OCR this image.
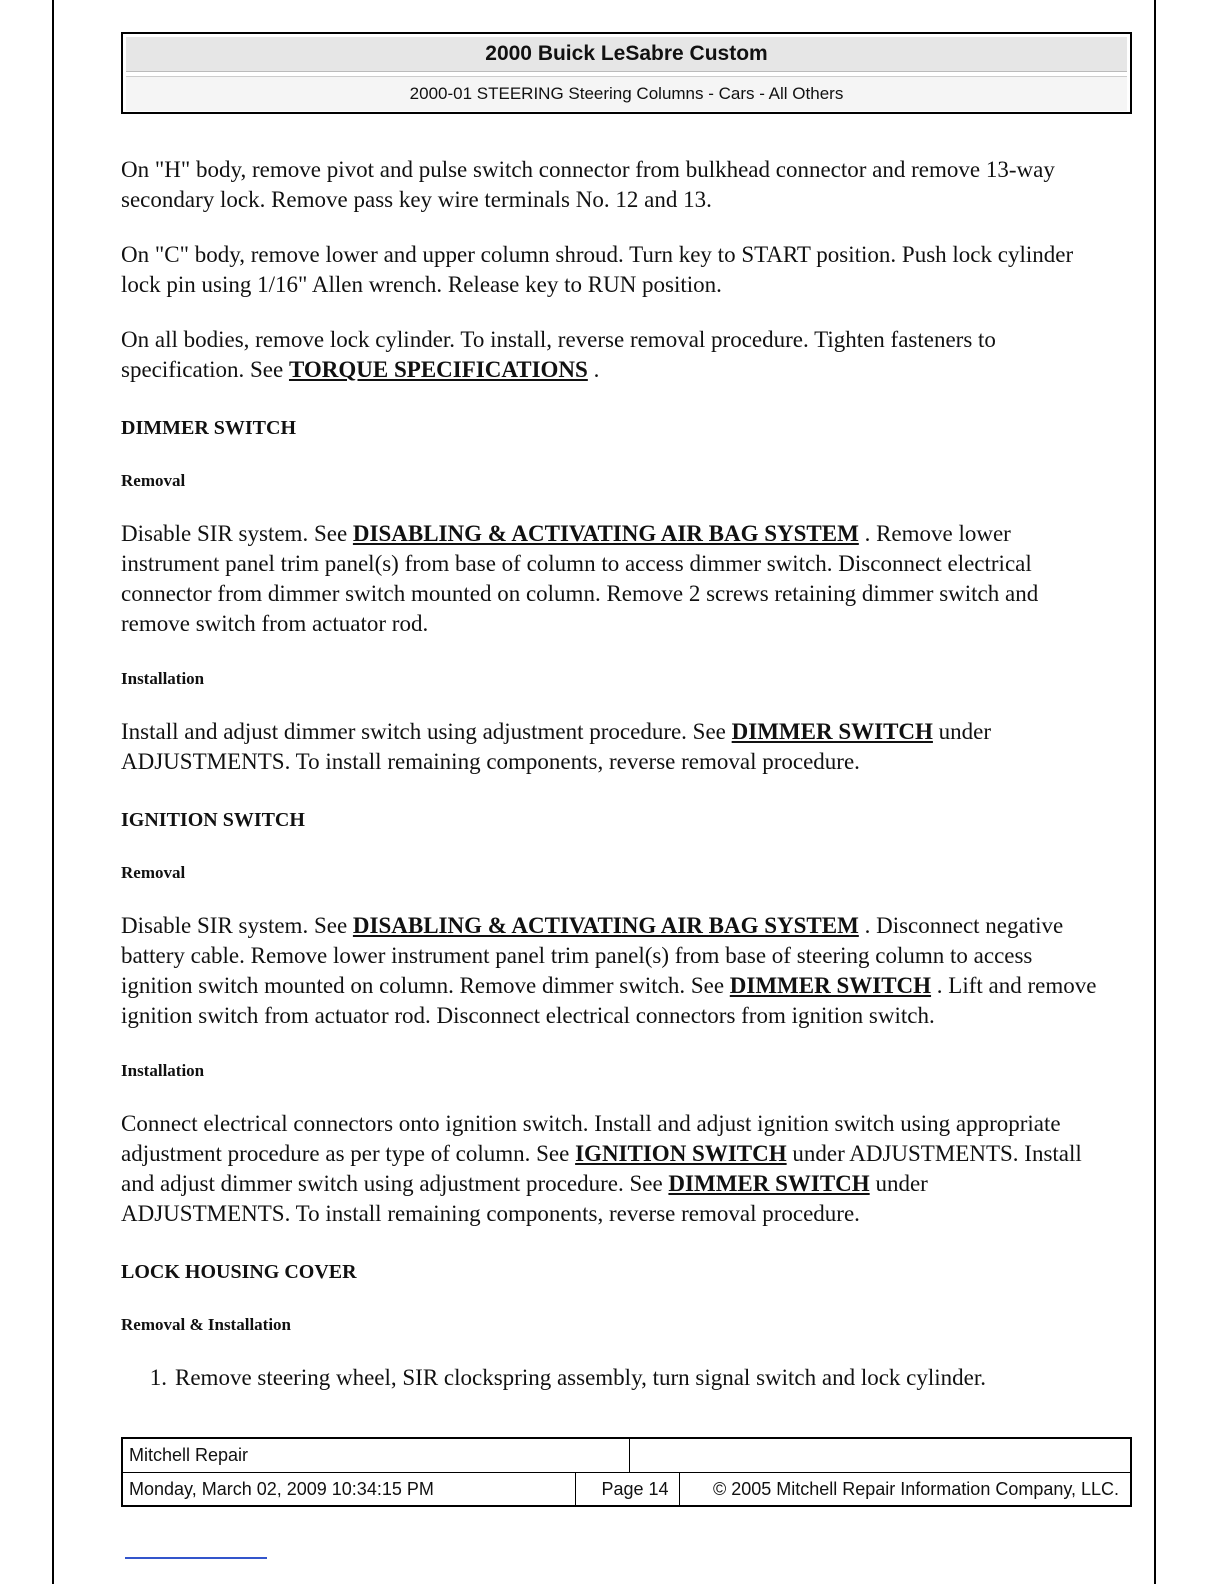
2000 Buick LeSabre Custom
2000-01 STEERING Steering Columns - Cars - All Others

On "H" body, remove pivot and pulse switch connector from bulkhead connector and remove 13-way secondary lock. Remove pass key wire terminals No. 12 and 13.

On "C" body, remove lower and upper column shroud. Turn key to START position. Push lock cylinder lock pin using 1/16" Allen wrench. Release key to RUN position.

On all bodies, remove lock cylinder. To install, reverse removal procedure. Tighten fasteners to specification. See TORQUE SPECIFICATIONS .

DIMMER SWITCH
Removal

Disable SIR system. See DISABLING & ACTIVATING AIR BAG SYSTEM . Remove lower instrument panel trim panel(s) from base of column to access dimmer switch. Disconnect electrical connector from dimmer switch mounted on column. Remove 2 screws retaining dimmer switch and remove switch from actuator rod.

Installation

Install and adjust dimmer switch using adjustment procedure. See DIMMER SWITCH under ADJUSTMENTS. To install remaining components, reverse removal procedure.

IGNITION SWITCH
Removal

Disable SIR system. See DISABLING & ACTIVATING AIR BAG SYSTEM . Disconnect negative battery cable. Remove lower instrument panel trim panel(s) from base of steering column to access ignition switch mounted on column. Remove dimmer switch. See DIMMER SWITCH . Lift and remove ignition switch from actuator rod. Disconnect electrical connectors from ignition switch.

Installation

Connect electrical connectors onto ignition switch. Install and adjust ignition switch using appropriate adjustment procedure as per type of column. See IGNITION SWITCH under ADJUSTMENTS. Install and adjust dimmer switch using adjustment procedure. See DIMMER SWITCH under ADJUSTMENTS. To install remaining components, reverse removal procedure.

LOCK HOUSING COVER
Removal & Installation
1. Remove steering wheel, SIR clockspring assembly, turn signal switch and lock cylinder.
Mitchell Repair
Monday, March 02, 2009 10:34:15 PM	Page 14	© 2005 Mitchell Repair Information Company, LLC.
